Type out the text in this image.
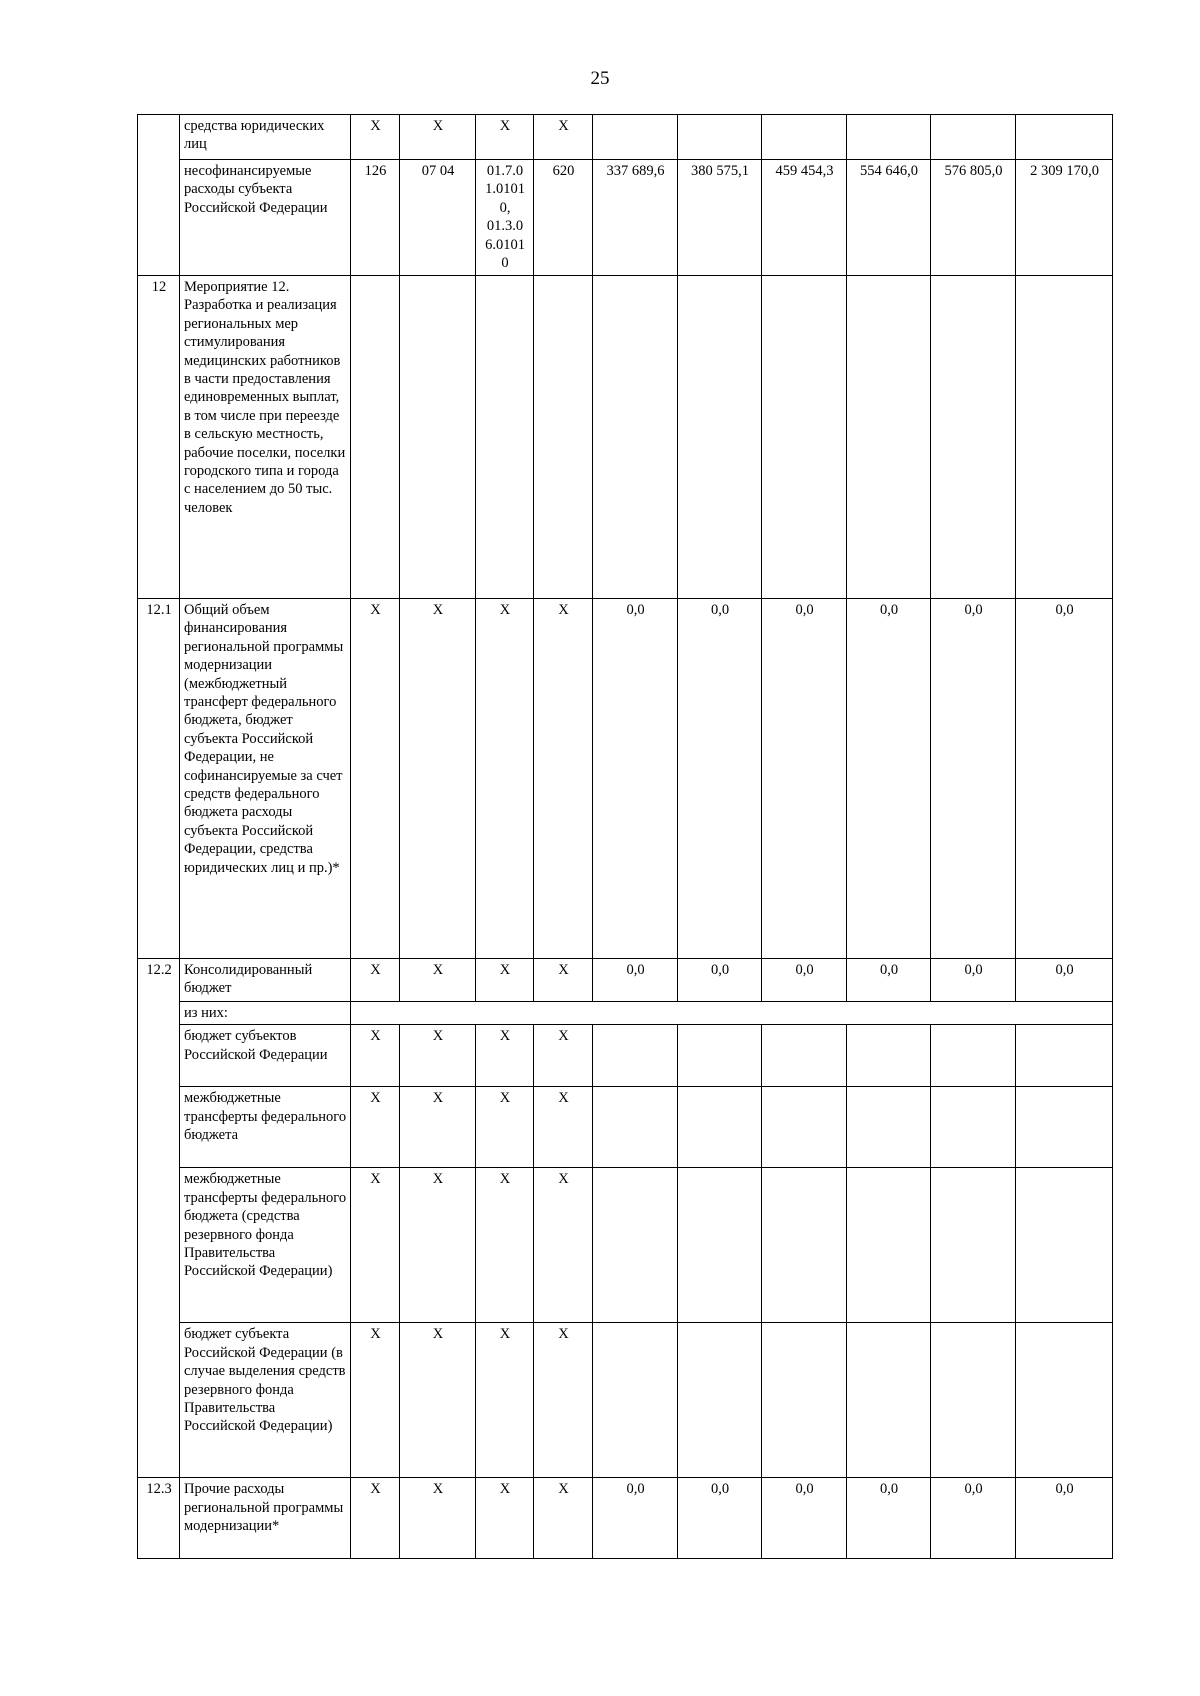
25
	средства юридических лиц	Х	Х	Х	Х						
	несофинансируемые расходы субъекта Российской Федерации	126	07 04	01.7.0 1.0101 0, 01.3.0 6.0101 0	620	337 689,6	380 575,1	459 454,3	554 646,0	576 805,0	2 309 170,0
12	Мероприятие 12. Разработка и реализация региональных мер стимулирования медицинских работников в части предоставления единовременных выплат, в том числе при переезде в сельскую местность, рабочие поселки, поселки городского типа и города с населением до 50 тыс. человек										
12.1	Общий объем финансирования региональной программы модернизации (межбюджетный трансферт федерального бюджета, бюджет субъекта Российской Федерации, не софинансируемые за счет средств федерального бюджета расходы субъекта Российской Федерации, средства юридических лиц и пр.)*	Х	Х	Х	Х	0,0	0,0	0,0	0,0	0,0	0,0
12.2	Консолидированный бюджет	Х	Х	Х	Х	0,0	0,0	0,0	0,0	0,0	0,0
	из них:										
	бюджет субъектов Российской Федерации	Х	Х	Х	Х						
	межбюджетные трансферты федерального бюджета	Х	Х	Х	Х						
	межбюджетные трансферты федерального бюджета (средства резервного фонда Правительства Российской Федерации)	Х	Х	Х	Х						
	бюджет субъекта Российской Федерации (в случае выделения средств резервного фонда Правительства Российской Федерации)	Х	Х	Х	Х						
12.3	Прочие расходы региональной программы модернизации*	Х	Х	Х	Х	0,0	0,0	0,0	0,0	0,0	0,0
